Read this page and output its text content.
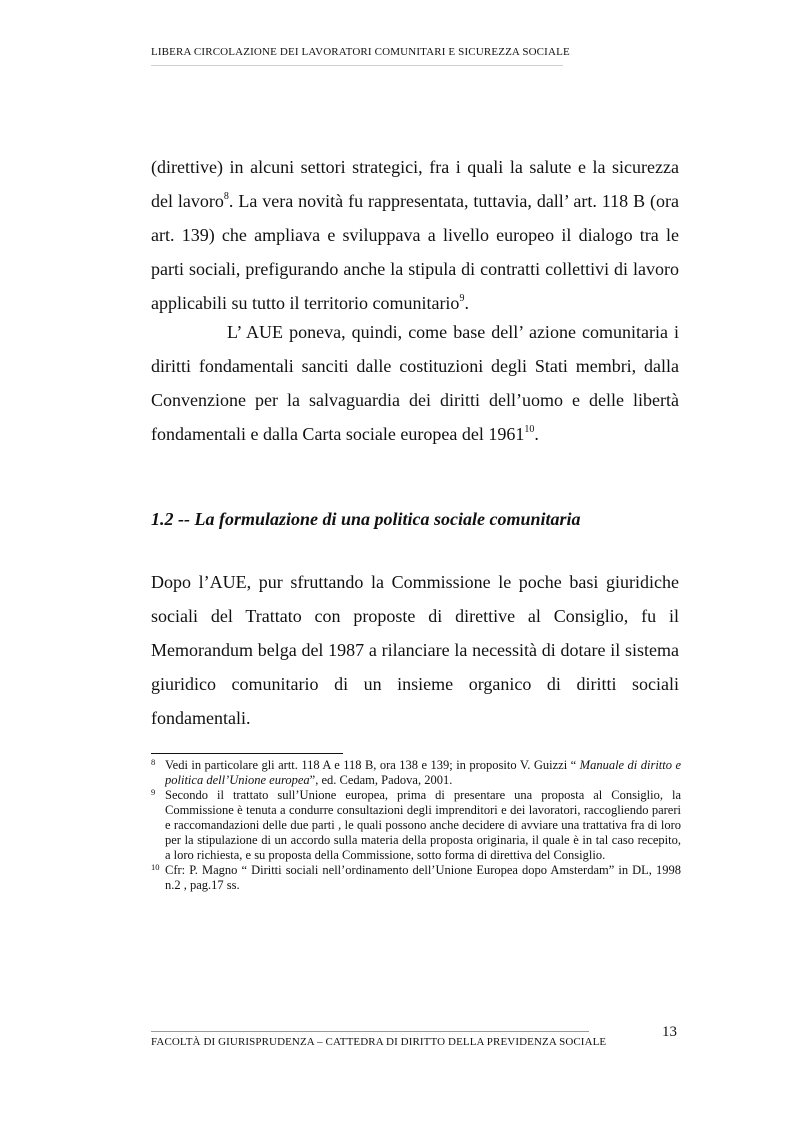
LIBERA CIRCOLAZIONE DEI LAVORATORI COMUNITARI E SICUREZZA SOCIALE

(direttive) in alcuni settori strategici, fra i quali la salute e la sicurezza del lavoro$^8$. La vera novità fu rappresentata, tuttavia, dall’ art. 118 B (ora art. 139) che ampliava e sviluppava a livello europeo il dialogo tra le parti sociali, prefigurando anche la stipula di contratti collettivi di lavoro applicabili su tutto il territorio comunitario$^9$.

L’ AUE poneva, quindi, come base dell’ azione comunitaria i diritti fondamentali sanciti dalle costituzioni degli Stati membri, dalla Convenzione per la salvaguardia dei diritti dell’uomo e delle libertà fondamentali e dalla Carta sociale europea del 1961$^{10}$.

1.2 -- La formulazione di una politica sociale comunitaria

Dopo l’AUE, pur sfruttando la Commissione le poche basi giuridiche sociali del Trattato con proposte di direttive al Consiglio, fu il Memorandum belga del 1987 a rilanciare la necessità di dotare il sistema giuridico comunitario di un insieme organico di diritti sociali fondamentali.

8 Vedi in particolare gli artt. 118 A e 118 B, ora 138 e 139; in proposito V. Guizzi “ Manuale di diritto e politica dell’Unione europea”, ed. Cedam, Padova, 2001.

9 Secondo il trattato sull’Unione europea, prima di presentare una proposta al Consiglio, la Commissione è tenuta a condurre consultazioni degli imprenditori e dei lavoratori, raccogliendo pareri e raccomandazioni delle due parti , le quali possono anche decidere di avviare una trattativa fra di loro per la stipulazione di un accordo sulla materia della proposta originaria, il quale è in tal caso recepito, a loro richiesta, e su proposta della Commissione, sotto forma di direttiva del Consiglio.

10 Cfr: P. Magno “ Diritti sociali nell’ordinamento dell’Unione Europea dopo Amsterdam” in DL, 1998 n.2 , pag.17 ss.

13
FACOLTÀ DI GIURISPRUDENZA – CATTEDRA DI DIRITTO DELLA PREVIDENZA SOCIALE
